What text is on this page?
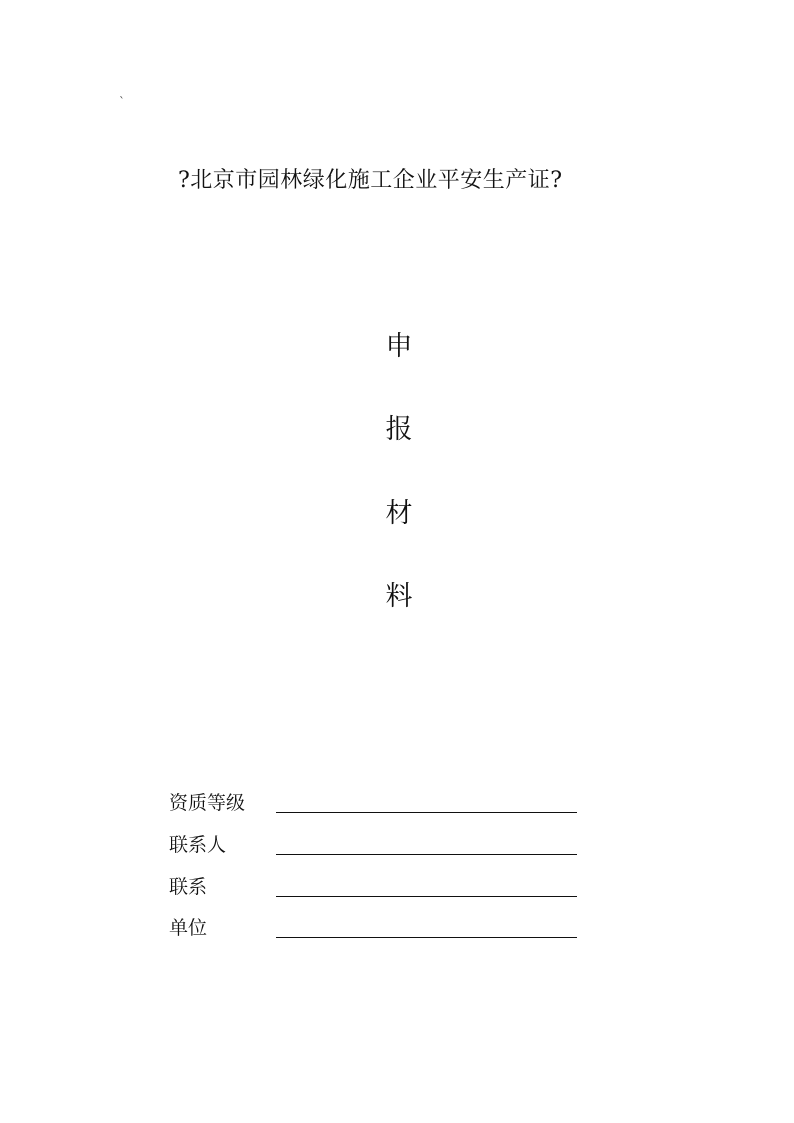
`
?北京市园林绿化施工企业平安生产证?
申
报
材
料
资质等级
联系人
联系
单位
